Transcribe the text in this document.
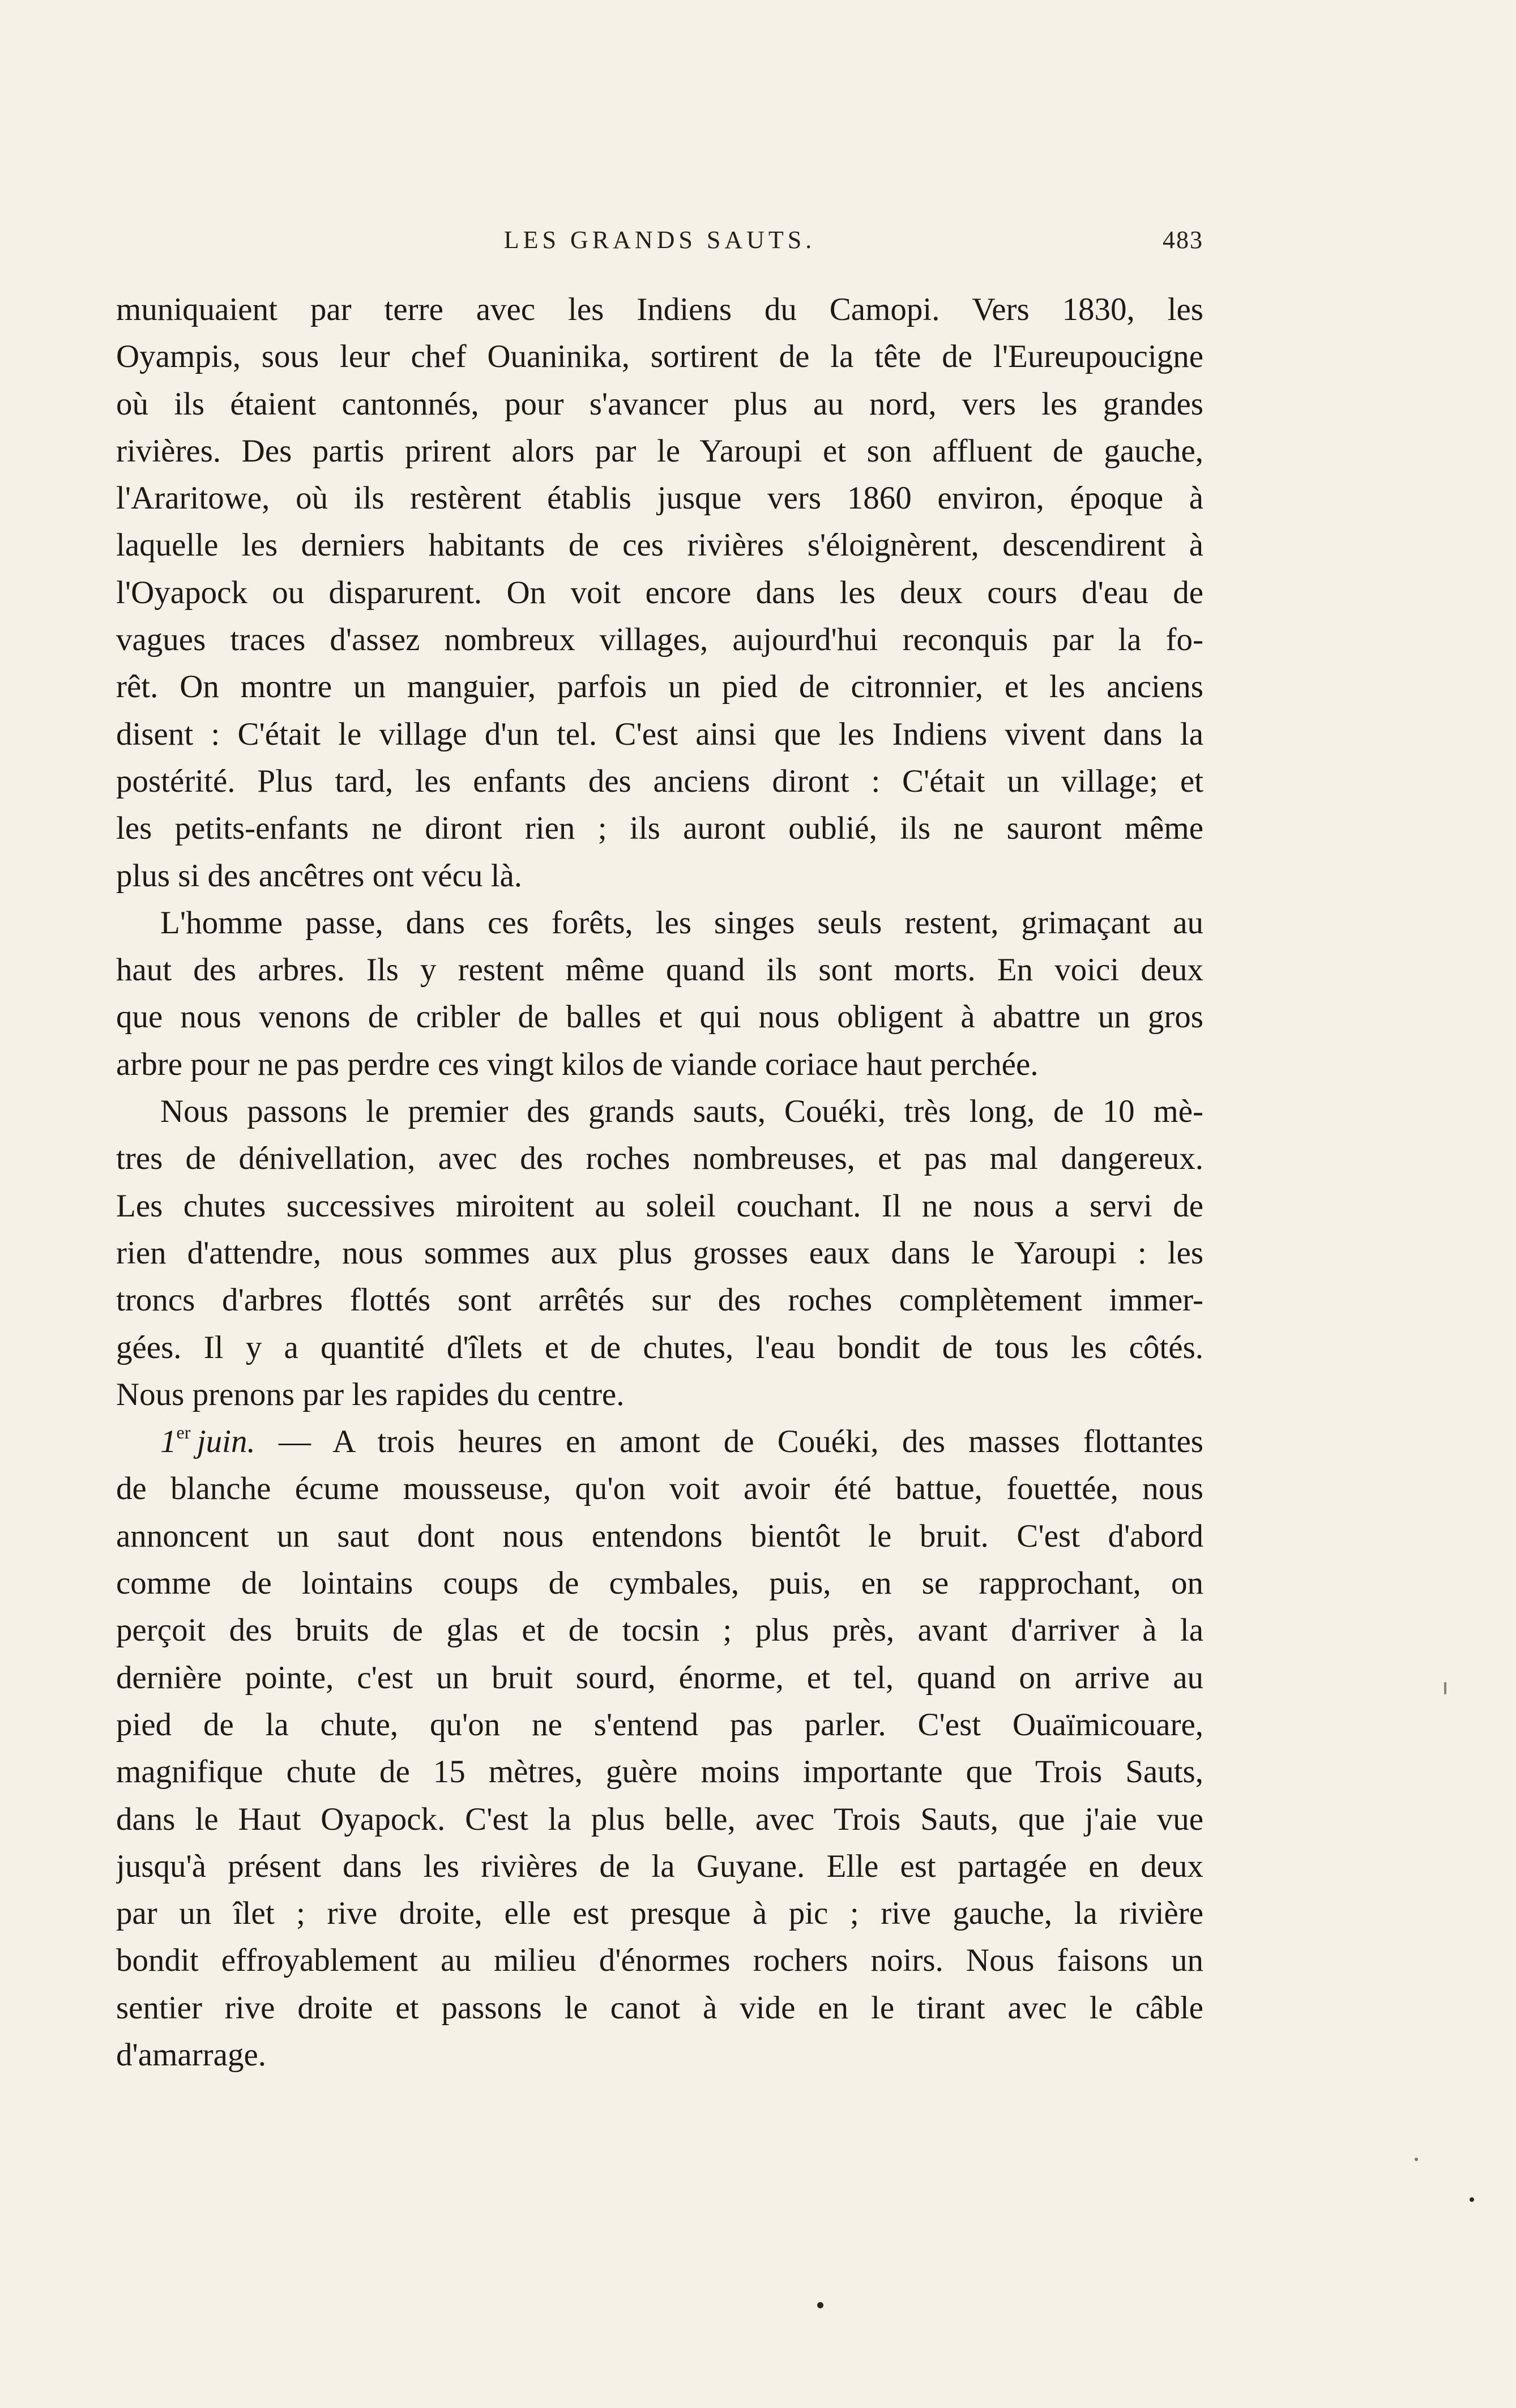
LES GRANDS SAUTS.	483
muniquaient par terre avec les Indiens du Camopi. Vers 1830, les
Oyampis, sous leur chef Ouaninika, sortirent de la tête de l'Eureupoucigne
où ils étaient cantonnés, pour s'avancer plus au nord, vers les grandes
rivières. Des partis prirent alors par le Yaroupi et son affluent de gauche,
l'Araritowe, où ils restèrent établis jusque vers 1860 environ, époque à
laquelle les derniers habitants de ces rivières s'éloignèrent, descendirent à
l'Oyapock ou disparurent. On voit encore dans les deux cours d'eau de
vagues traces d'assez nombreux villages, aujourd'hui reconquis par la fo-
rêt. On montre un manguier, parfois un pied de citronnier, et les anciens
disent : C'était le village d'un tel. C'est ainsi que les Indiens vivent dans la
postérité. Plus tard, les enfants des anciens diront : C'était un village; et
les petits-enfants ne diront rien ; ils auront oublié, ils ne sauront même
plus si des ancêtres ont vécu là.
L'homme passe, dans ces forêts, les singes seuls restent, grimaçant au
haut des arbres. Ils y restent même quand ils sont morts. En voici deux
que nous venons de cribler de balles et qui nous obligent à abattre un gros
arbre pour ne pas perdre ces vingt kilos de viande coriace haut perchée.
Nous passons le premier des grands sauts, Couéki, très long, de 10 mè-
tres de dénivellation, avec des roches nombreuses, et pas mal dangereux.
Les chutes successives miroitent au soleil couchant. Il ne nous a servi de
rien d'attendre, nous sommes aux plus grosses eaux dans le Yaroupi : les
troncs d'arbres flottés sont arrêtés sur des roches complètement immer-
gées. Il y a quantité d'îlets et de chutes, l'eau bondit de tous les côtés.
Nous prenons par les rapides du centre.
1er  juin. — A trois heures en amont de Couéki, des masses flottantes
de blanche écume mousseuse, qu'on voit avoir été battue, fouettée, nous
annoncent un saut dont nous entendons bientôt le bruit. C'est d'abord
comme de lointains coups de cymbales, puis, en se rapprochant, on
perçoit des bruits de glas et de tocsin ; plus près, avant d'arriver à la
dernière pointe, c'est un bruit sourd, énorme, et tel, quand on arrive au
pied de la chute, qu'on ne s'entend pas parler. C'est Ouaïmicouare,
magnifique chute de 15 mètres, guère moins importante que Trois Sauts,
dans le Haut Oyapock. C'est la plus belle, avec Trois Sauts, que j'aie vue
jusqu'à présent dans les rivières de la Guyane. Elle est partagée en deux
par un îlet ; rive droite, elle est presque à pic ; rive gauche, la rivière
bondit effroyablement au milieu d'énormes rochers noirs. Nous faisons un
sentier rive droite et passons le canot à vide en le tirant avec le câble
d'amarrage.
